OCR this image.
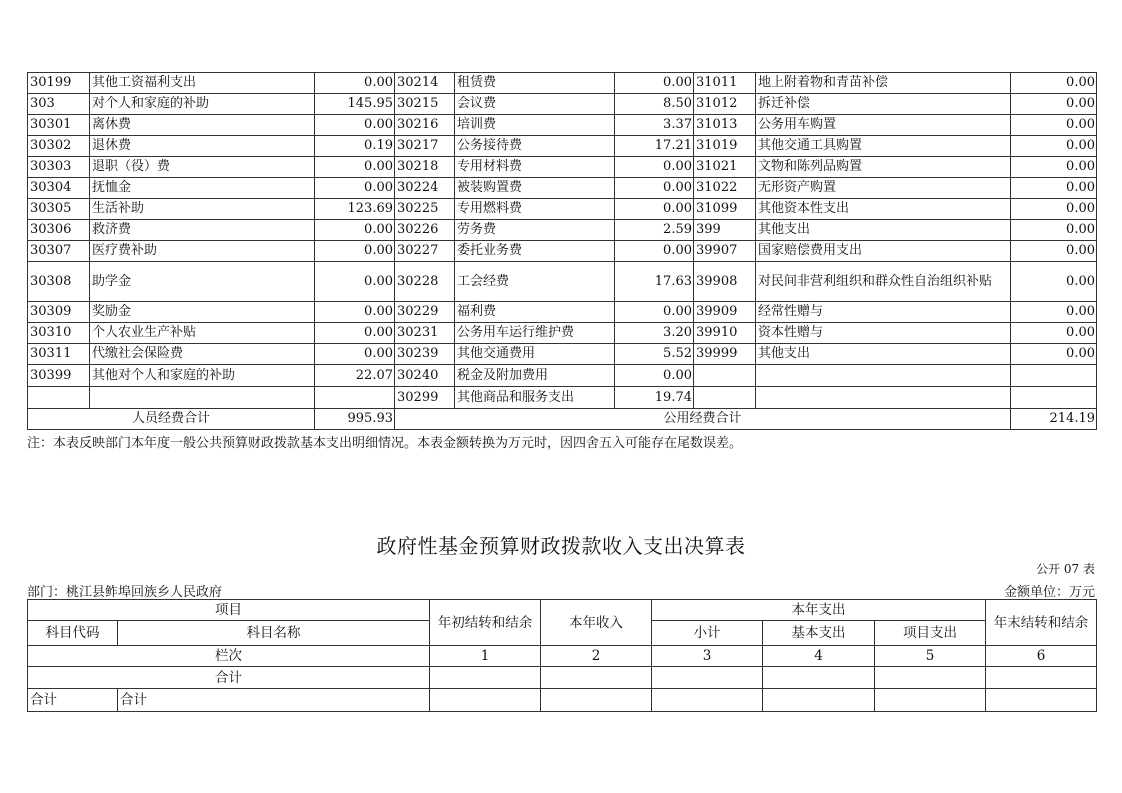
30199	其他工资福利支出	0.00	30214	租赁费	0.00	31011	地上附着物和青苗补偿	0.00
303	对个人和家庭的补助	145.95	30215	会议费	8.50	31012	拆迁补偿	0.00
30301	离休费	0.00	30216	培训费	3.37	31013	公务用车购置	0.00
30302	退休费	0.19	30217	公务接待费	17.21	31019	其他交通工具购置	0.00
30303	退职（役）费	0.00	30218	专用材料费	0.00	31021	文物和陈列品购置	0.00
30304	抚恤金	0.00	30224	被装购置费	0.00	31022	无形资产购置	0.00
30305	生活补助	123.69	30225	专用燃料费	0.00	31099	其他资本性支出	0.00
30306	救济费	0.00	30226	劳务费	2.59	399	其他支出	0.00
30307	医疗费补助	0.00	30227	委托业务费	0.00	39907	国家赔偿费用支出	0.00
30308	助学金	0.00	30228	工会经费	17.63	39908	对民间非营利组织和群众性自治组织补贴	0.00
30309	奖励金	0.00	30229	福利费	0.00	39909	经常性赠与	0.00
30310	个人农业生产补贴	0.00	30231	公务用车运行维护费	3.20	39910	资本性赠与	0.00
30311	代缴社会保险费	0.00	30239	其他交通费用	5.52	39999	其他支出	0.00
30399	其他对个人和家庭的补助	22.07	30240	税金及附加费用	0.00			
			30299	其他商品和服务支出	19.74			
人员经费合计		995.93	公用经费合计					214.19
注：本表反映部门本年度一般公共预算财政拨款基本支出明细情况。本表金额转换为万元时，因四舍五入可能存在尾数误差。
政府性基金预算财政拨款收入支出决算表
公开 07 表
部门：桃江县鲊埠回族乡人民政府	金额单位：万元
项目		年初结转和结余	本年收入	本年支出			年末结转和结余
科目代码	科目名称			小计	基本支出	项目支出	
栏次		1	2	3	4	5	6
合计							
合计	合计						
